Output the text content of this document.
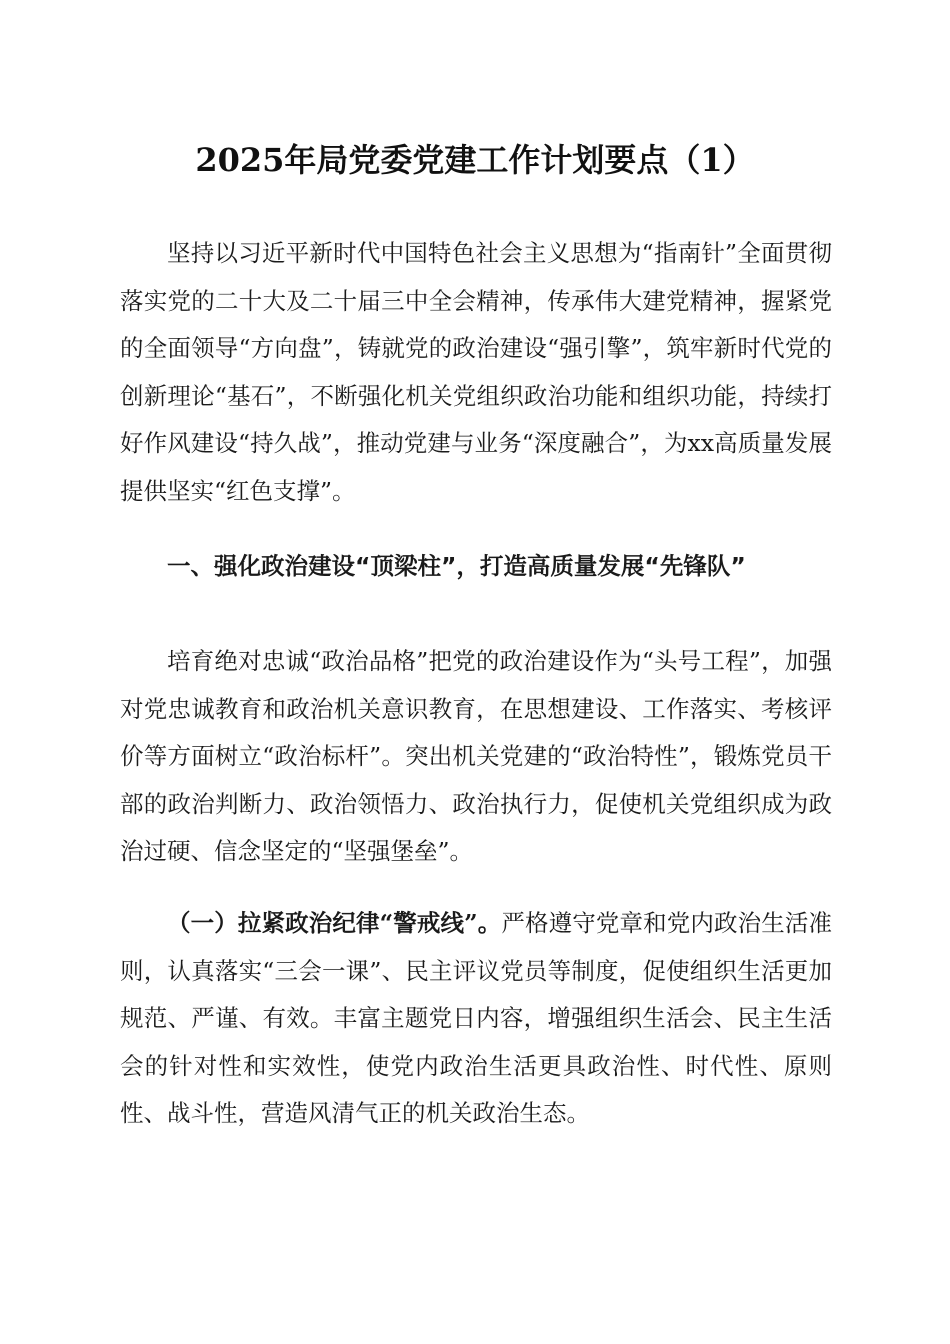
2025年局党委党建工作计划要点（1）

坚持以习近平新时代中国特色社会主义思想为“指南针”全面贯彻落实党的二十大及二十届三中全会精神，传承伟大建党精神，握紧党的全面领导“方向盘”，铸就党的政治建设“强引擎”，筑牢新时代党的创新理论“基石”，不断强化机关党组织政治功能和组织功能，持续打好作风建设“持久战”，推动党建与业务“深度融合”，为xx高质量发展提供坚实“红色支撑”。

一、强化政治建设“顶梁柱”，打造高质量发展“先锋队”

培育绝对忠诚“政治品格”把党的政治建设作为“头号工程”，加强对党忠诚教育和政治机关意识教育，在思想建设、工作落实、考核评价等方面树立“政治标杆”。突出机关党建的“政治特性”，锻炼党员干部的政治判断力、政治领悟力、政治执行力，促使机关党组织成为政治过硬、信念坚定的“坚强堡垒”。

（一）拉紧政治纪律“警戒线”。严格遵守党章和党内政治生活准则，认真落实“三会一课”、民主评议党员等制度，促使组织生活更加规范、严谨、有效。丰富主题党日内容，增强组织生活会、民主生活会的针对性和实效性，使党内政治生活更具政治性、时代性、原则性、战斗性，营造风清气正的机关政治生态。
